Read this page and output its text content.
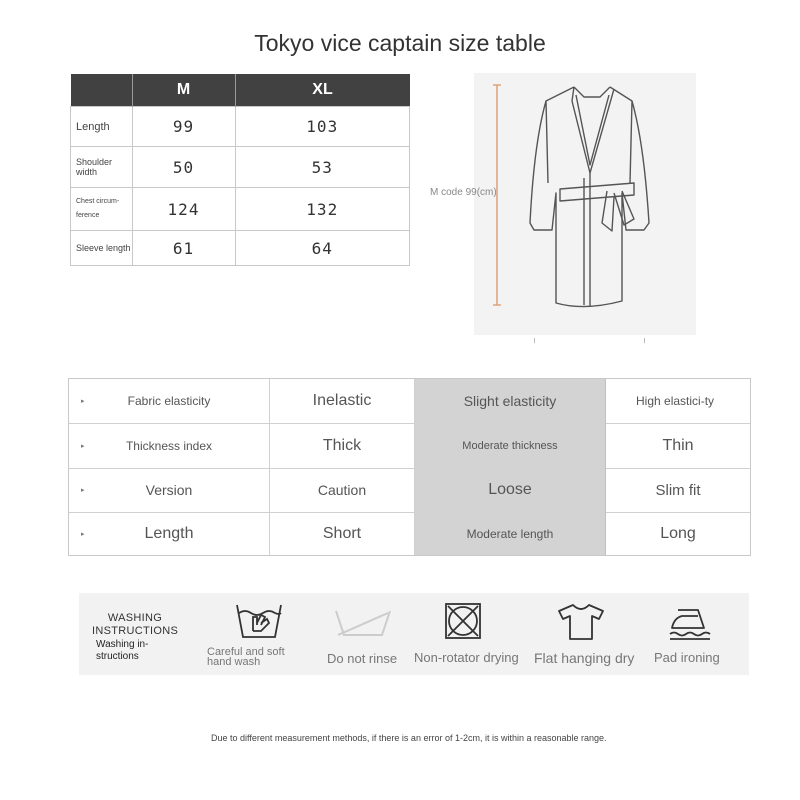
Tokyo vice captain size table
	M	XL
Length	99	103
Shoulder width	50	53
Chest circum-ference	124	132
Sleeve length	61	64
M code 99(cm)
▸	Fabric elasticity	Inelastic	Slight elasticity	High elastici-ty
▸	Thickness index	Thick	Moderate thickness	Thin
▸	Version	Caution	Loose	Slim fit
▸	Length	Short	Moderate length	Long
WASHING INSTRUCTIONS
Washing in-structions	Careful and soft hand wash	Do not rinse Non-rotator drying Flat hanging dry Pad ironing
Due to different measurement methods, if there is an error of 1-2cm, it is within a reasonable range.
